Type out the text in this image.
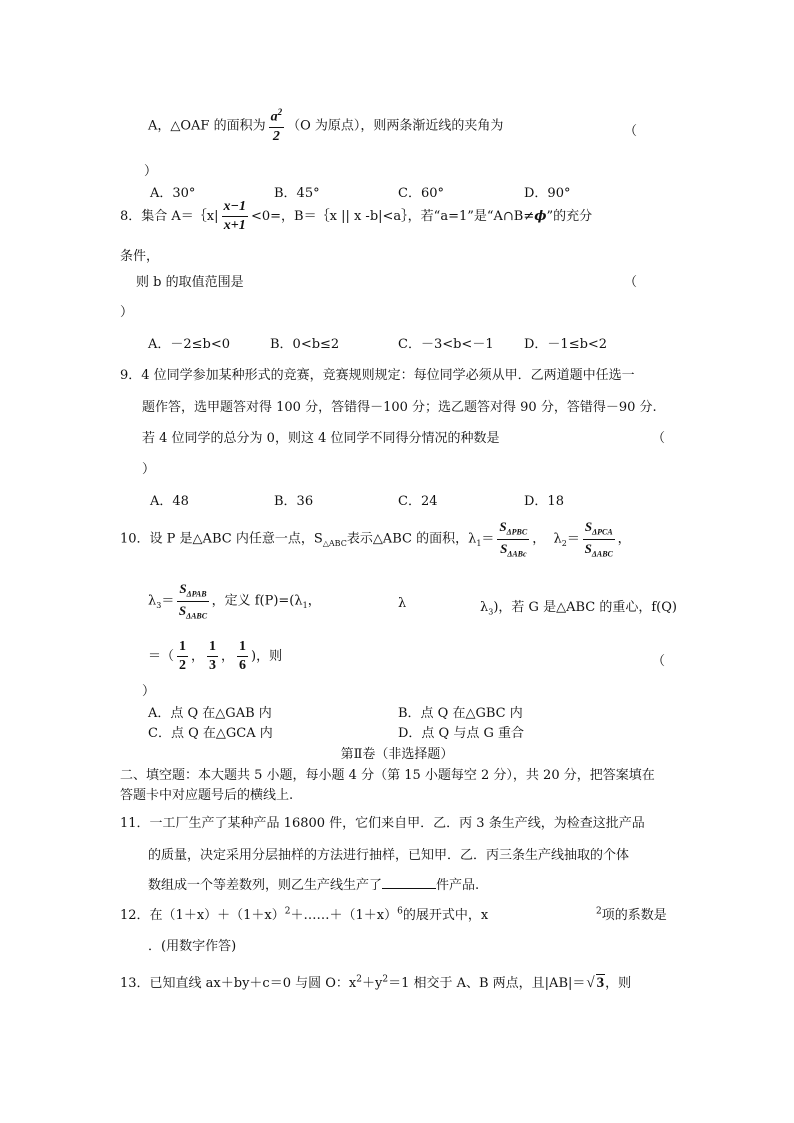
A，△OAF 的面积为 $\frac{a^2}{2} (O$ 为原点），则两条渐近线的夹角为	（
）
A．30°	B．45°	C．60°	D．90°
8．集合 A＝｛x| $\frac{x-1}{x+1} <0=$，B＝｛x || x -b|<a｝，若“a=1”是“A∩B≠ϕ”的充分
条件，
则 b 的取值范围是	（
）
A．－2≤b<0	B．0<b≤2	C．－3<b<－1 D．－1≤b<2
9．4 位同学参加某种形式的竞赛，竞赛规则规定：每位同学必须从甲．乙两道题中任选一
题作答，选甲题答对得 100 分，答错得－100 分；选乙题答对得 90 分，答错得－90 分.
若 4 位同学的总分为 0，则这 4 位同学不同得分情况的种数是	（
）
A．48	B．36	C．24	D．18
10．设 P 是△ABC 内任意一点，$S_{\triangle ABC}$表示△ABC 的面积，$\lambda_1= \frac{S_{\Delta PBC}}{S_{\Delta ABc}}$ ，  $\lambda_2= \frac{S_{\Delta PCA}}{S_{\Delta ABC}}$ ，
$\lambda_3= \frac{S_{\Delta PAB}}{S_{\Delta ABC}}$ ，定义 $f(P)=(\lambda_1$，	λ	$\lambda_3$)，若 G 是△ABC 的重心，f(Q)
＝（ $\frac{1}{2}$ ， $\frac{1}{3}$ ， $\frac{1}{6}$ )，则	（
）
A．点 Q 在△GAB 内	B．点 Q 在△GBC 内
C．点 Q 在△GCA 内	D．点 Q 与点 G 重合
第Ⅱ卷（非选择题）
二、填空题：本大题共 5 小题，每小题 4 分（第 15 小题每空 2 分），共 20 分，把答案填在
答题卡中对应题号后的横线上.
11．一工厂生产了某种产品 16800 件，它们来自甲．乙．丙 3 条生产线，为检查这批产品
的质量，决定采用分层抽样的方法进行抽样，已知甲．乙．丙三条生产线抽取的个体
数组成一个等差数列，则乙生产线生产了	件产品.
12．在$(1+x)+(1+x)^2+\dots\dots+(1+x)^6$的展开式中，x	$^2$项的系数是
．(用数字作答)
13．已知直线 ax＋by＋c＝0 与圆 O：$x^2+y^2=1$ 相交于 A、B 两点，且|AB|＝√ 3，则
